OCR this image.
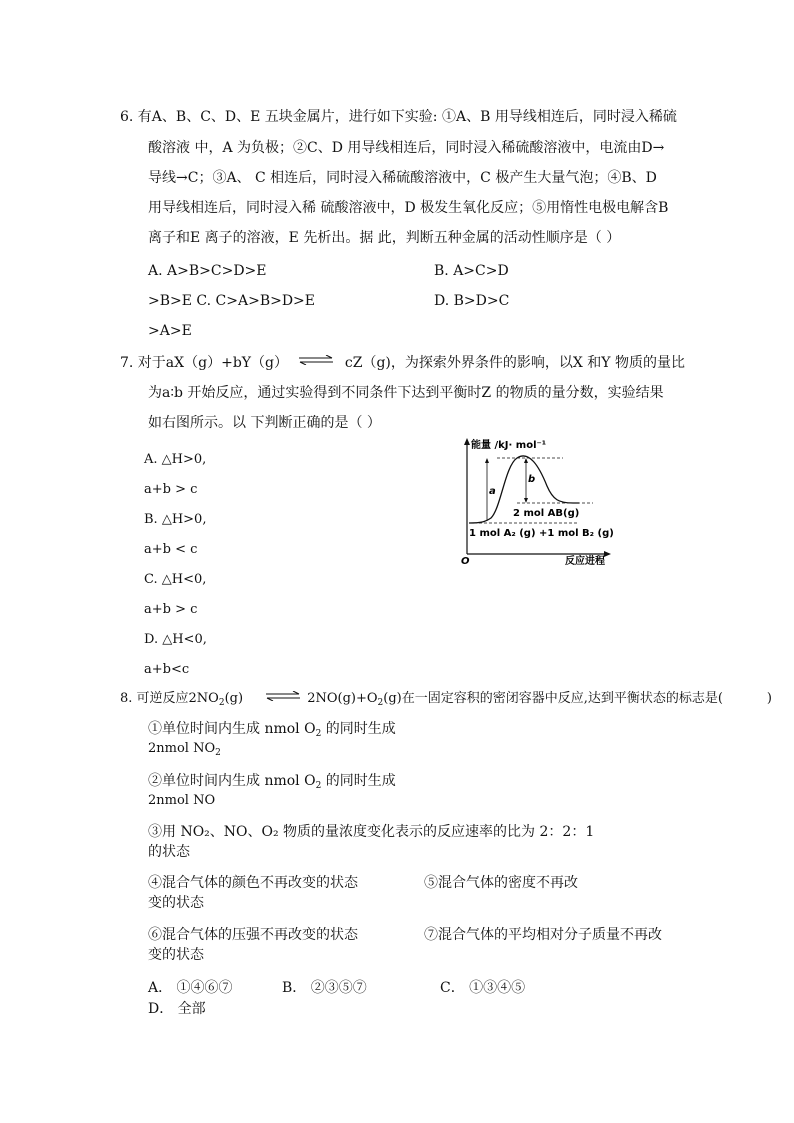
6. 有A、B、C、D、E 五块金属片，进行如下实验: ①A、B 用导线相连后，同时浸入稀硫
酸溶液 中，A 为负极；②C、D 用导线相连后，同时浸入稀硫酸溶液中，电流由D→
导线→C；③A、 C 相连后，同时浸入稀硫酸溶液中，C 极产生大量气泡；④B、D
用导线相连后，同时浸入稀 硫酸溶液中，D 极发生氧化反应；⑤用惰性电极电解含B
离子和E 离子的溶液，E 先析出。据 此，判断五种金属的活动性顺序是（ ）
A. A>B>C>D>E	B. A>C>D
>B>E C. C>A>B>D>E	D. B>D>C
>A>E
7. 对于aX（g）+bY（g） ⇌ cZ（g)，为探索外界条件的影响，以X 和Y 物质的量比
为a∶b 开始反应，通过实验得到不同条件下达到平衡时Z 的物质的量分数，实验结果
如右图所示。以 下判断正确的是（ ）
A. △H>0,
a+b > c
B. △H>0,
a+b < c
C. △H<0,
a+b > c
D. △H<0,
a+b<c
能量 /kJ· mol⁻¹
O	反应进程
a
b
2 mol AB(g)
1 mol A₂ (g) +1 mol B₂ (g)
8. 可逆反应$2NO_2(g)$ ⇌ $2NO(g)+O_2(g)$在一固定容积的密闭容器中反应,达到平衡状态的标志是(	)
①单位时间内生成 nmol $O_2$ 的同时生成
2nmol $NO_2$
②单位时间内生成 nmol $O_2$ 的同时生成
2nmol NO
③用 NO₂、NO、O₂ 物质的量浓度变化表示的反应速率的比为 2：2：1
的状态
④混合气体的颜色不再改变的状态	⑤混合气体的密度不再改
变的状态
⑥混合气体的压强不再改变的状态	⑦混合气体的平均相对分子质量不再改
变的状态
A． ①④⑥⑦	B． ②③⑤⑦	C． ①③④⑤
D． 全部
